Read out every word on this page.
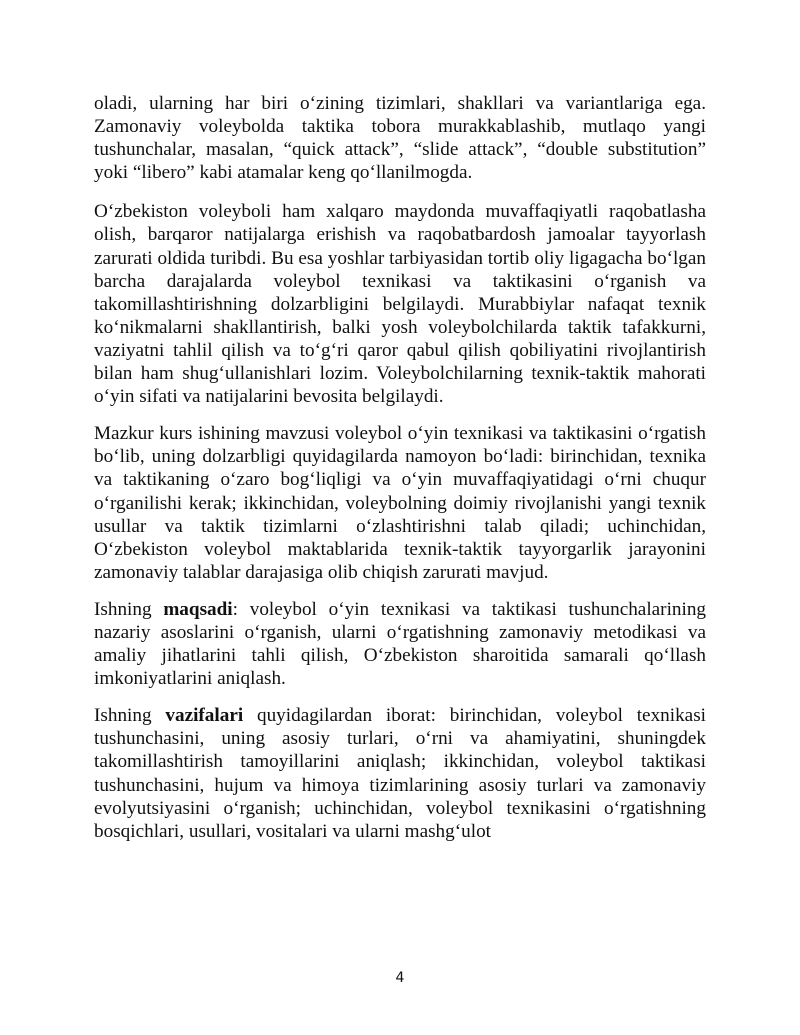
oladi, ularning har biri o‘zining tizimlari, shakllari va variantlariga ega. Zamonaviy voleybolda taktika tobora murakkablashib, mutlaqo yangi tushunchalar, masalan, “quick attack”, “slide attack”, “double substitution” yoki “libero” kabi atamalar keng qo‘llanilmogda.

O‘zbekiston voleyboli ham xalqaro maydonda muvaffaqiyatli raqobatlasha olish, barqaror natijalarga erishish va raqobatbardosh jamoalar tayyorlash zarurati oldida turibdi. Bu esa yoshlar tarbiyasidan tortib oliy ligagacha bo‘lgan barcha darajalarda voleybol texnikasi va taktikasini o‘rganish va takomillashtirishning dolzarbligini belgilaydi. Murabbiylar nafaqat texnik ko‘nikmalarni shakllantirish, balki yosh voleybolchilarda taktik tafakkurni, vaziyatni tahlil qilish va to‘g‘ri qaror qabul qilish qobiliyatini rivojlantirish bilan ham shug‘ullanishlari lozim. Voleybolchilarning texnik-taktik mahorati o‘yin sifati va natijalarini bevosita belgilaydi.

Mazkur kurs ishining mavzusi voleybol o‘yin texnikasi va taktikasini o‘rgatish bo‘lib, uning dolzarbligi quyidagilarda namoyon bo‘ladi: birinchidan, texnika va taktikaning o‘zaro bog‘liqligi va o‘yin muvaffaqiyatidagi o‘rni chuqur o‘rganilishi kerak; ikkinchidan, voleybolning doimiy rivojlanishi yangi texnik usullar va taktik tizimlarni o‘zlashtirishni talab qiladi; uchinchidan, O‘zbekiston voleybol maktablarida texnik-taktik tayyorgarlik jarayonini zamonaviy talablar darajasiga olib chiqish zarurati mavjud.

Ishning maqsadi: voleybol o‘yin texnikasi va taktikasi tushunchalarining nazariy asoslarini o‘rganish, ularni o‘rgatishning zamonaviy metodikasi va amaliy jihatlarini tahli qilish, O‘zbekiston sharoitida samarali qo‘llash imkoniyatlarini aniqlash.

Ishning vazifalari quyidagilardan iborat: birinchidan, voleybol texnikasi tushunchasini, uning asosiy turlari, o‘rni va ahamiyatini, shuningdek takomillashtirish tamoyillarini aniqlash; ikkinchidan, voleybol taktikasi tushunchasini, hujum va himoya tizimlarining asosiy turlari va zamonaviy evolyutsiyasini o‘rganish; uchinchidan, voleybol texnikasini o‘rgatishning bosqichlari, usullari, vositalari va ularni mashg‘ulot

4
